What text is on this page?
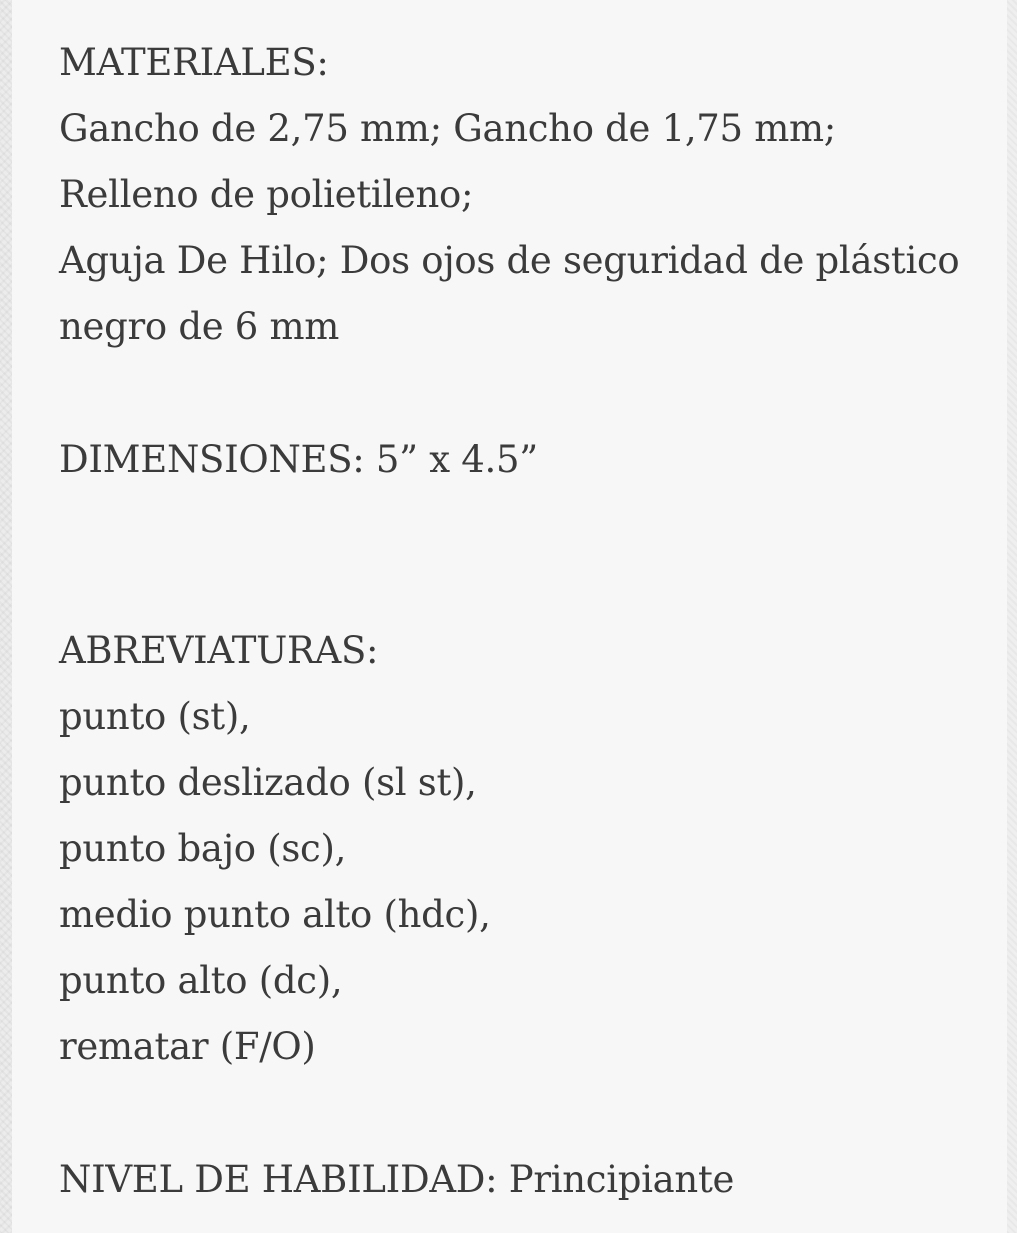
MATERIALES:
Gancho de 2,75 mm; Gancho de 1,75 mm;
Relleno de polietileno;
Aguja De Hilo; Dos ojos de seguridad de plástico
negro de 6 mm
DIMENSIONES: 5” x 4.5”
ABREVIATURAS:
punto (st),
punto deslizado (sl st),
punto bajo (sc),
medio punto alto (hdc),
punto alto (dc),
rematar (F/O)
NIVEL DE HABILIDAD: Principiante
